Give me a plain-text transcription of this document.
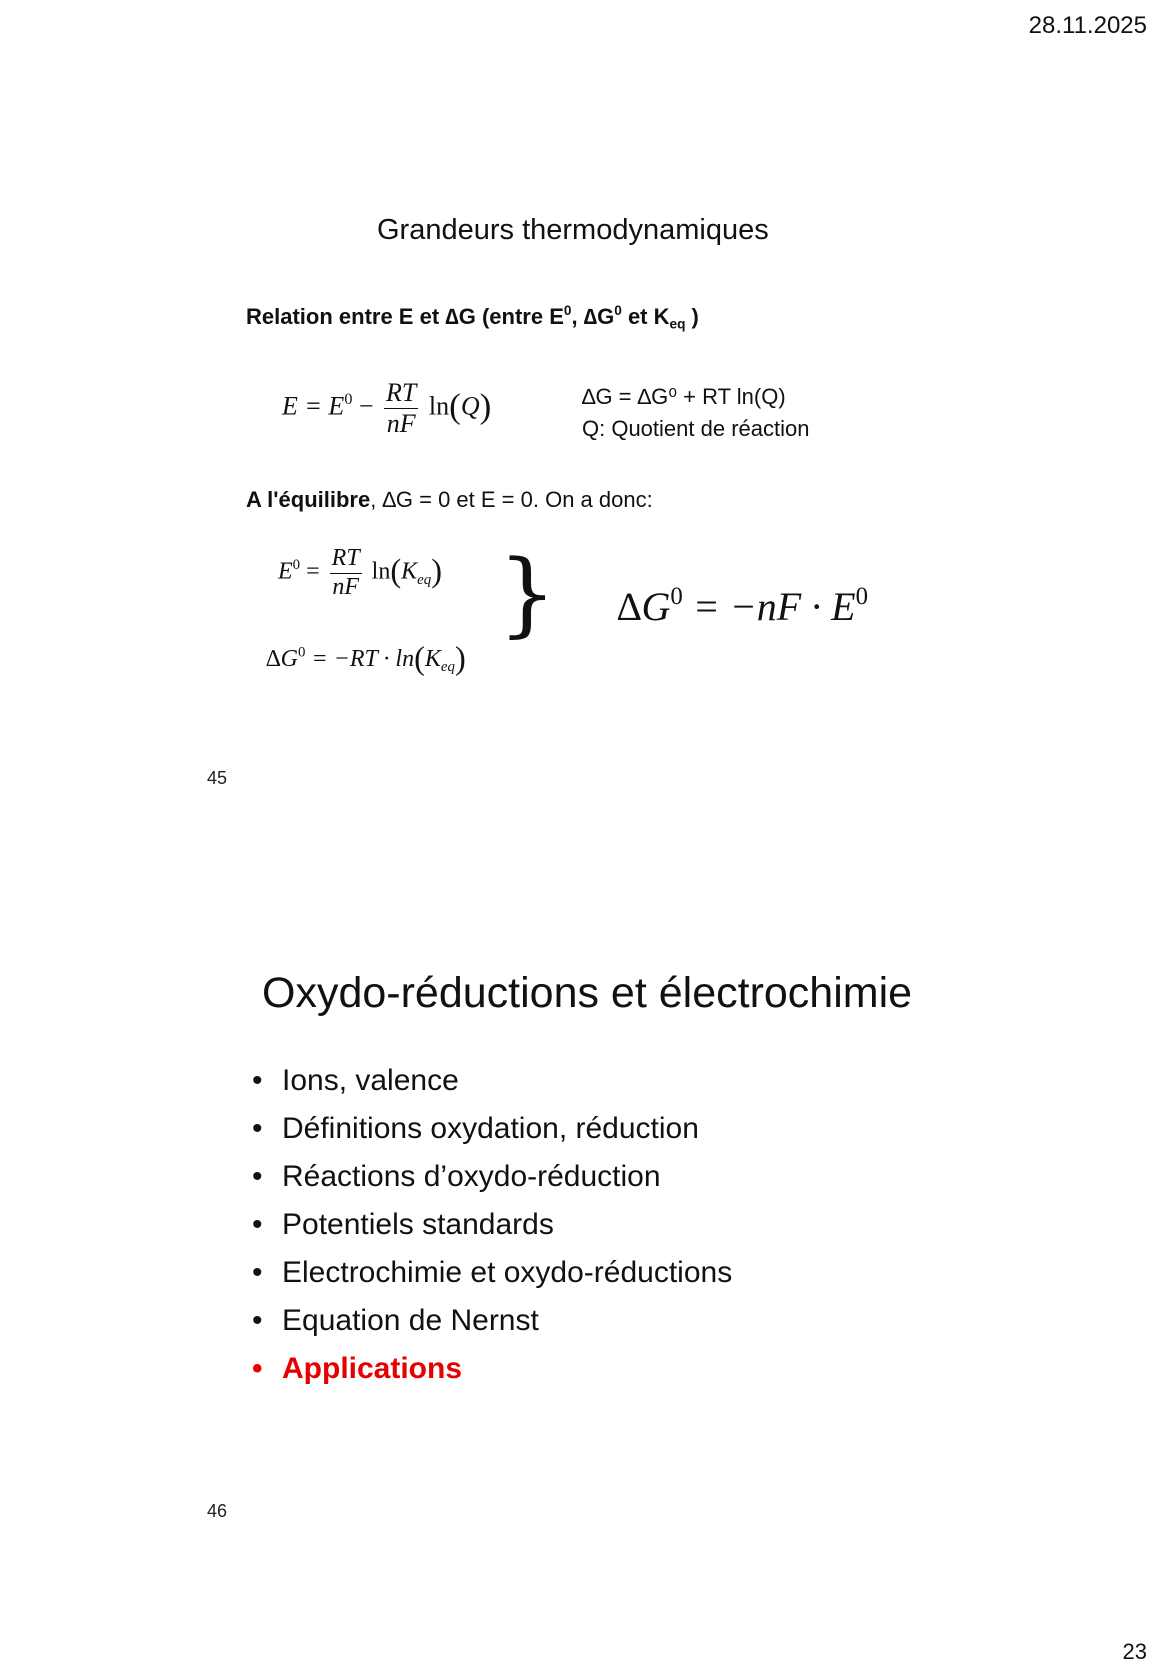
28.11.2025
Grandeurs thermodynamiques
Relation entre E et ∆G (entre $E^0$, $\Delta G^0$ et $K_{eq}$ )
$E = E^0 - \frac{RT}{nF} \ln(Q)$	∆G = ∆G⁰ + RT ln(Q)
Q: Quotient de réaction
A l'équilibre, ∆G = 0 et E = 0. On a donc:
$E^0 = \frac{RT}{nF} \ln(K_{eq})$
$\Delta G^0 = -RT \cdot \ln(K_{eq})$
} $\Delta G^0 = -nF \cdot E^0$
45
Oxydo-réductions et électrochimie
• Ions, valence
• Définitions oxydation, réduction
• Réactions d’oxydo-réduction
• Potentiels standards
• Electrochimie et oxydo-réductions
• Equation de Nernst
• Applications
46
23
